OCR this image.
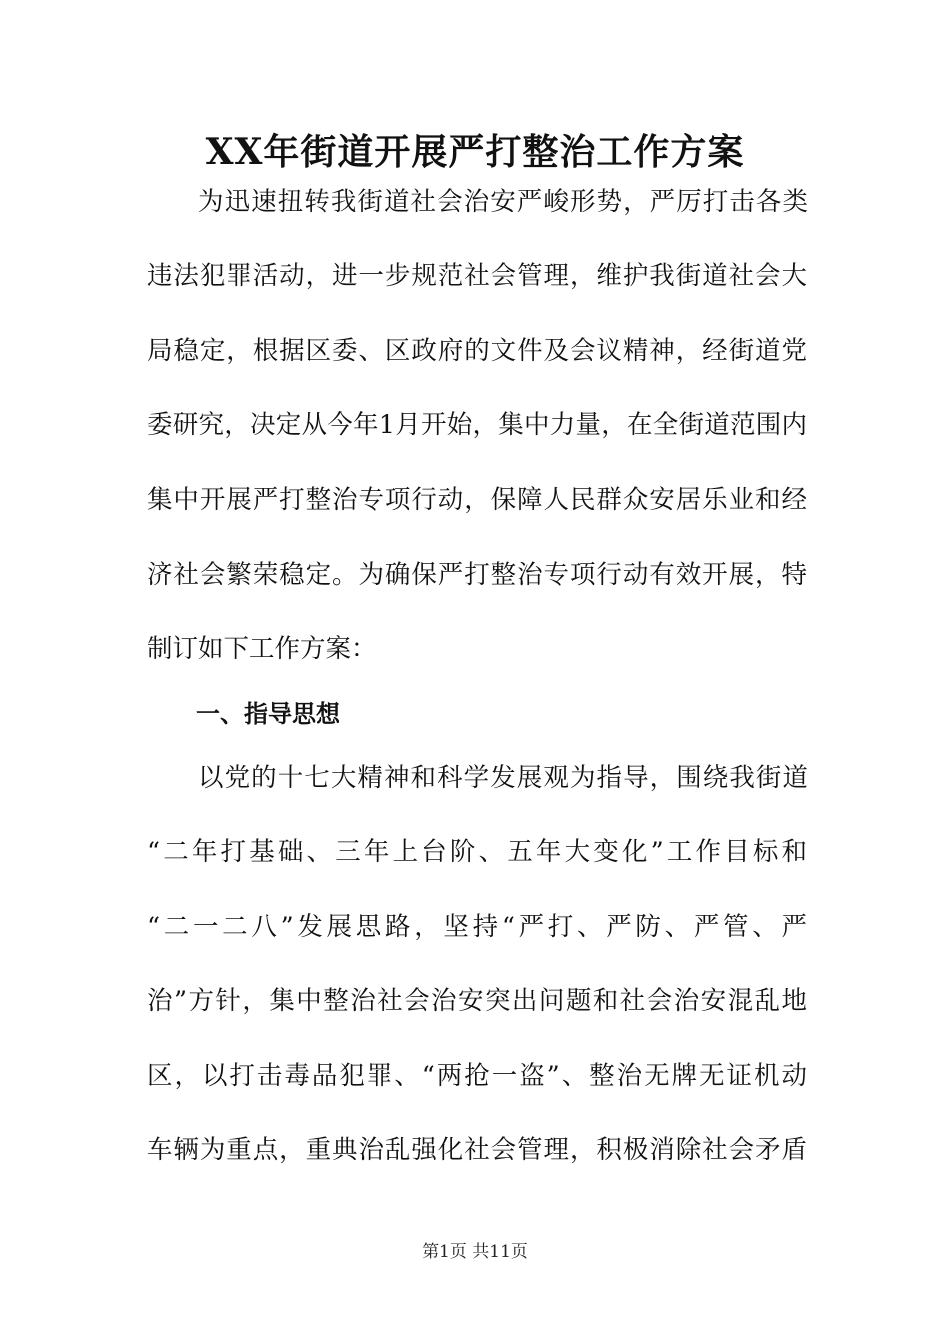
XX年街道开展严打整治工作方案

为迅速扭转我街道社会治安严峻形势，严厉打击各类

违法犯罪活动，进一步规范社会管理，维护我街道社会大

局稳定，根据区委、区政府的文件及会议精神，经街道党

委研究，决定从今年1月开始，集中力量，在全街道范围内

集中开展严打整治专项行动，保障人民群众安居乐业和经

济社会繁荣稳定。为确保严打整治专项行动有效开展，特

制订如下工作方案：

一、指导思想

以党的十七大精神和科学发展观为指导，围绕我街道

“二年打基础、三年上台阶、五年大变化”工作目标和

“二一二八”发展思路，坚持“严打、严防、严管、严

治”方针，集中整治社会治安突出问题和社会治安混乱地

区，以打击毒品犯罪、“两抢一盗”、整治无牌无证机动

车辆为重点，重典治乱强化社会管理，积极消除社会矛盾

第1页 共11页
